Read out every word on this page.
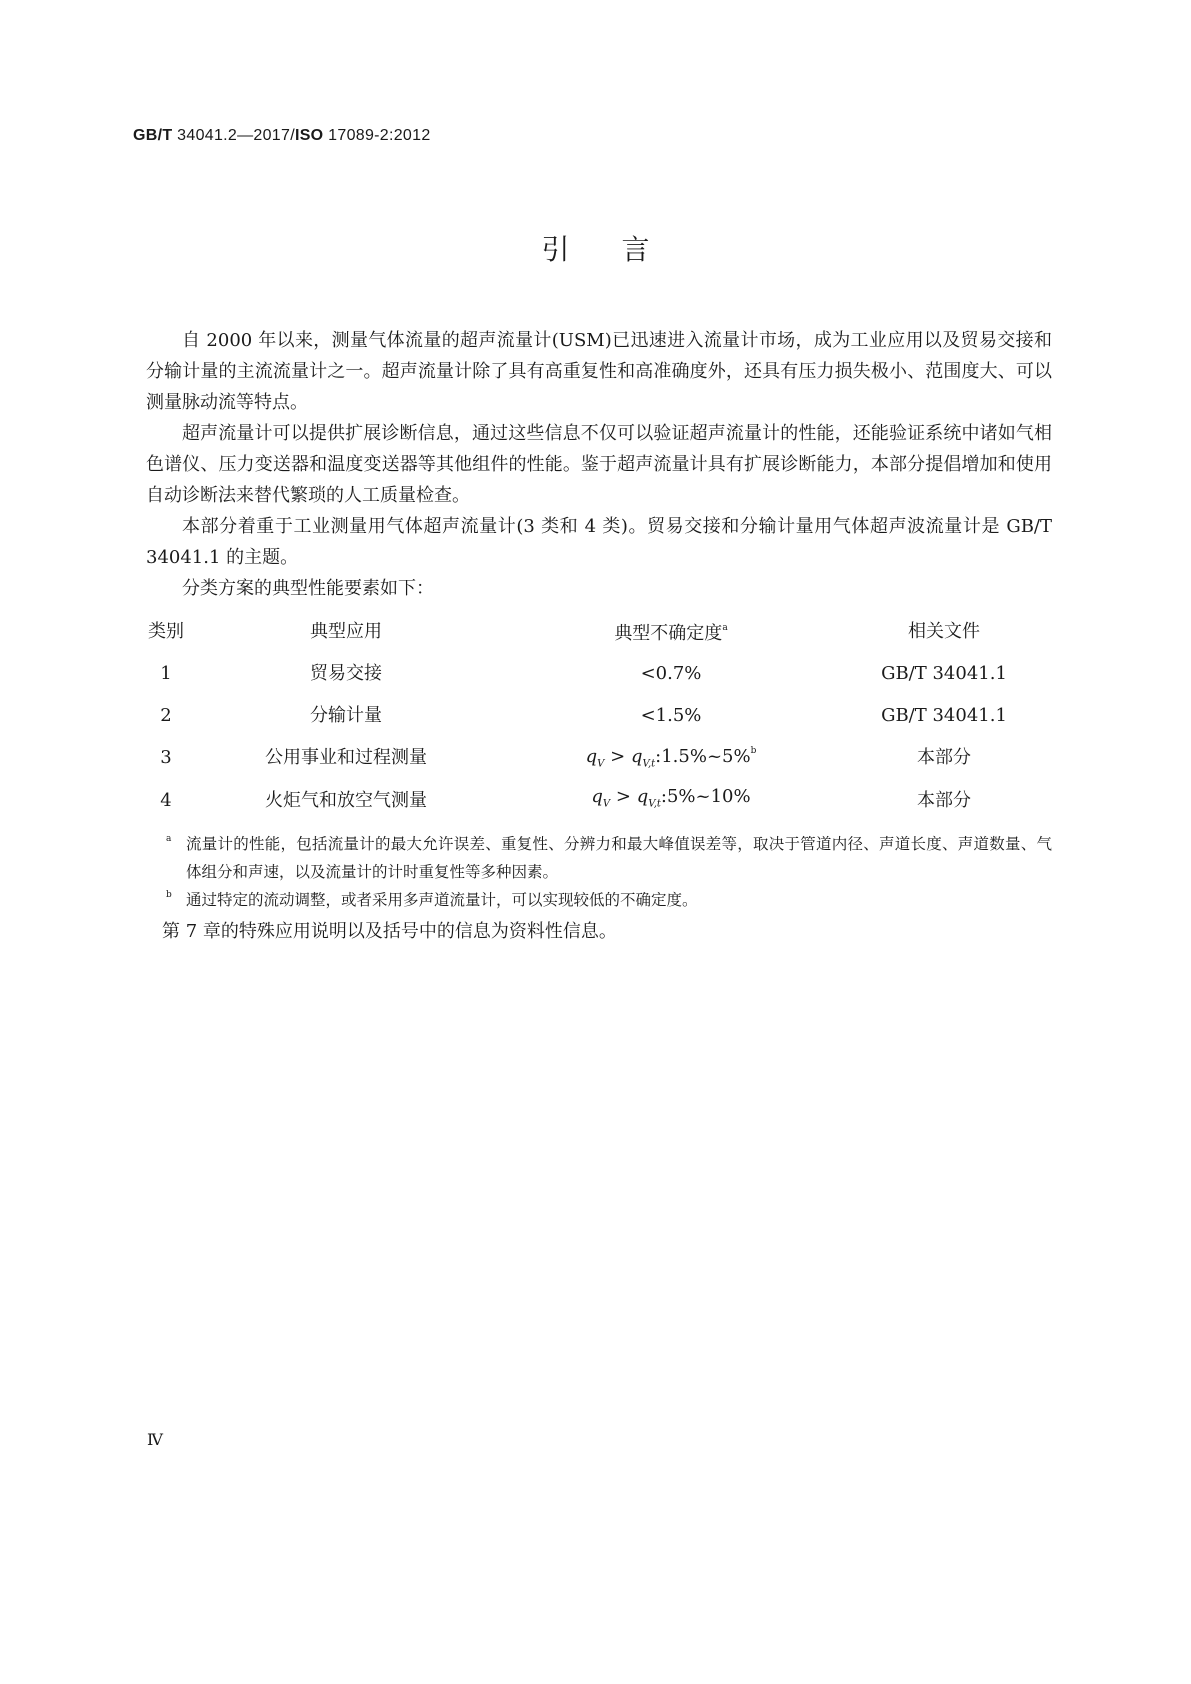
GB/T 34041.2—2017/ISO 17089-2:2012
引言

自 2000 年以来，测量气体流量的超声流量计(USM)已迅速进入流量计市场，成为工业应用以及贸易交接和分输计量的主流流量计之一。超声流量计除了具有高重复性和高准确度外，还具有压力损失极小、范围度大、可以测量脉动流等特点。

超声流量计可以提供扩展诊断信息，通过这些信息不仅可以验证超声流量计的性能，还能验证系统中诸如气相色谱仪、压力变送器和温度变送器等其他组件的性能。鉴于超声流量计具有扩展诊断能力，本部分提倡增加和使用自动诊断法来替代繁琐的人工质量检查。

本部分着重于工业测量用气体超声流量计(3 类和 4 类)。贸易交接和分输计量用气体超声波流量计是 GB/T 34041.1 的主题。

分类方案的典型性能要素如下：

类别	典型应用	典型不确定度$^a$	相关文件
1	贸易交接	<0.7%	GB/T 34041.1
2	分输计量	<1.5%	GB/T 34041.1
3	公用事业和过程测量	$q_V$ > $q_{V,t}:1.5\%\sim 5\%^b$	本部分
4	火炬气和放空气测量	$q_V$ > $q_{V,t}:5\%\sim 10\%$	本部分
a 流量计的性能，包括流量计的最大允许误差、重复性、分辨力和最大峰值误差等，取决于管道内径、声道长度、声道数量、气体组分和声速，以及流量计的计时重复性等多种因素。
b 通过特定的流动调整，或者采用多声道流量计，可以实现较低的不确定度。

第 7 章的特殊应用说明以及括号中的信息为资料性信息。

Ⅳ
